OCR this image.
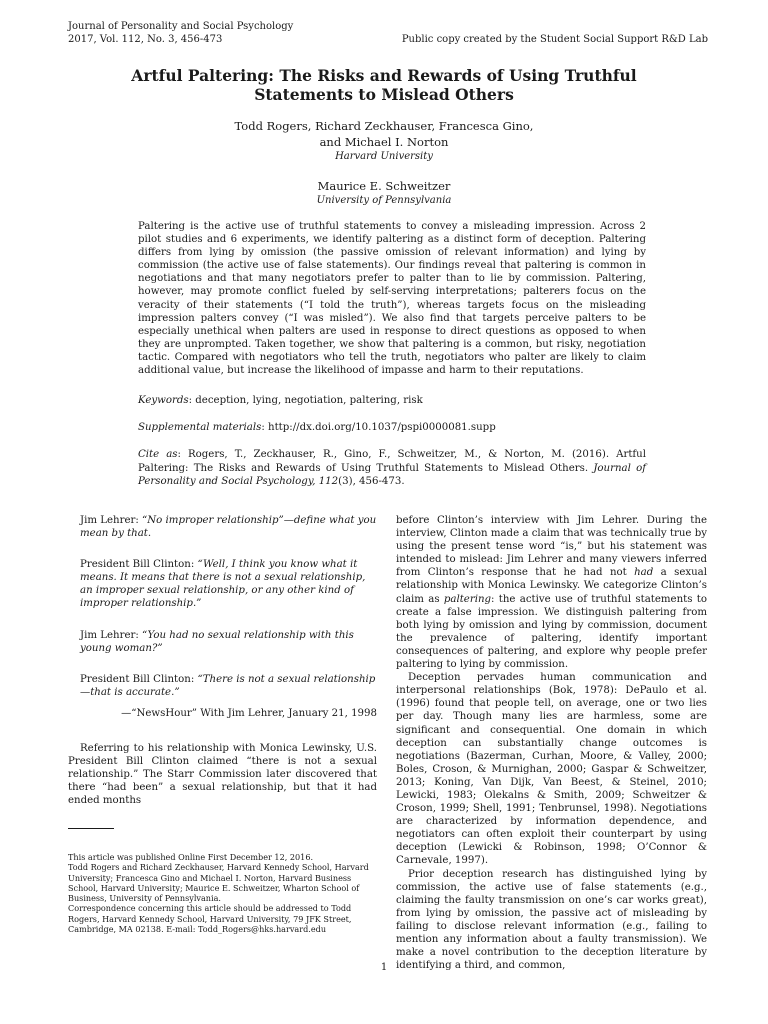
Journal of Personality and Social Psychology
2017, Vol. 112, No. 3, 456-473	Public copy created by the Student Social Support R&D Lab
Artful Paltering: The Risks and Rewards of Using Truthful Statements to Mislead Others
Todd Rogers, Richard Zeckhauser, Francesca Gino,
and Michael I. Norton
Harvard University
Maurice E. Schweitzer
University of Pennsylvania

Paltering is the active use of truthful statements to convey a misleading impression. Across 2 pilot studies and 6 experiments, we identify paltering as a distinct form of deception. Paltering differs from lying by omission (the passive omission of relevant information) and lying by commission (the active use of false statements). Our findings reveal that paltering is common in negotiations and that many negotiators prefer to palter than to lie by commission. Paltering, however, may promote conflict fueled by self-serving interpretations; palterers focus on the veracity of their statements (“I told the truth”), whereas targets focus on the misleading impression palters convey (“I was misled”). We also find that targets perceive palters to be especially unethical when palters are used in response to direct questions as opposed to when they are unprompted. Taken together, we show that paltering is a common, but risky, negotiation tactic. Compared with negotiators who tell the truth, negotiators who palter are likely to claim additional value, but increase the likelihood of impasse and harm to their reputations.

Keywords: deception, lying, negotiation, paltering, risk

Supplemental materials: http://dx.doi.org/10.1037/pspi0000081.supp

Cite as: Rogers, T., Zeckhauser, R., Gino, F., Schweitzer, M., & Norton, M. (2016). Artful Paltering: The Risks and Rewards of Using Truthful Statements to Mislead Others. Journal of Personality and Social Psychology, 112(3), 456-473.

Jim Lehrer: “No improper relationship”—define what you mean by that.

President Bill Clinton: “Well, I think you know what it means. It means that there is not a sexual relationship, an improper sexual relationship, or any other kind of improper relationship.”

Jim Lehrer: “You had no sexual relationship with this young woman?”

President Bill Clinton: “There is not a sexual relationship—that is accurate.”

—“NewsHour” With Jim Lehrer, January 21, 1998

Referring to his relationship with Monica Lewinsky, U.S. President Bill Clinton claimed “there is not a sexual relationship.” The Starr Commission later discovered that there “had been” a sexual relationship, but that it had ended months

This article was published Online First December 12, 2016.

Todd Rogers and Richard Zeckhauser, Harvard Kennedy School, Harvard University; Francesca Gino and Michael I. Norton, Harvard Business School, Harvard University; Maurice E. Schweitzer, Wharton School of Business, University of Pennsylvania.

Correspondence concerning this article should be addressed to Todd Rogers, Harvard Kennedy School, Harvard University, 79 JFK Street, Cambridge, MA 02138. E-mail: Todd_Rogers@hks.harvard.edu

before Clinton’s interview with Jim Lehrer. During the interview, Clinton made a claim that was technically true by using the present tense word “is,” but his statement was intended to mislead: Jim Lehrer and many viewers inferred from Clinton’s response that he had not had a sexual relationship with Monica Lewinsky. We categorize Clinton’s claim as paltering: the active use of truthful statements to create a false impression. We distinguish paltering from both lying by omission and lying by commission, document the prevalence of paltering, identify important consequences of paltering, and explore why people prefer paltering to lying by commission.

Deception pervades human communication and interpersonal relationships (Bok, 1978): DePaulo et al. (1996) found that people tell, on average, one or two lies per day. Though many lies are harmless, some are significant and consequential. One domain in which deception can substantially change outcomes is negotiations (Bazerman, Curhan, Moore, & Valley, 2000; Boles, Croson, & Murnighan, 2000; Gaspar & Schweitzer, 2013; Koning, Van Dijk, Van Beest, & Steinel, 2010; Lewicki, 1983; Olekalns & Smith, 2009; Schweitzer & Croson, 1999; Shell, 1991; Tenbrunsel, 1998). Negotiations are characterized by information dependence, and negotiators can often exploit their counterpart by using deception (Lewicki & Robinson, 1998; O’Connor & Carnevale, 1997).

Prior deception research has distinguished lying by commission, the active use of false statements (e.g., claiming the faulty transmission on one’s car works great), from lying by omission, the passive act of misleading by failing to disclose relevant information (e.g., failing to mention any information about a faulty transmission). We make a novel contribution to the deception literature by identifying a third, and common,

1
